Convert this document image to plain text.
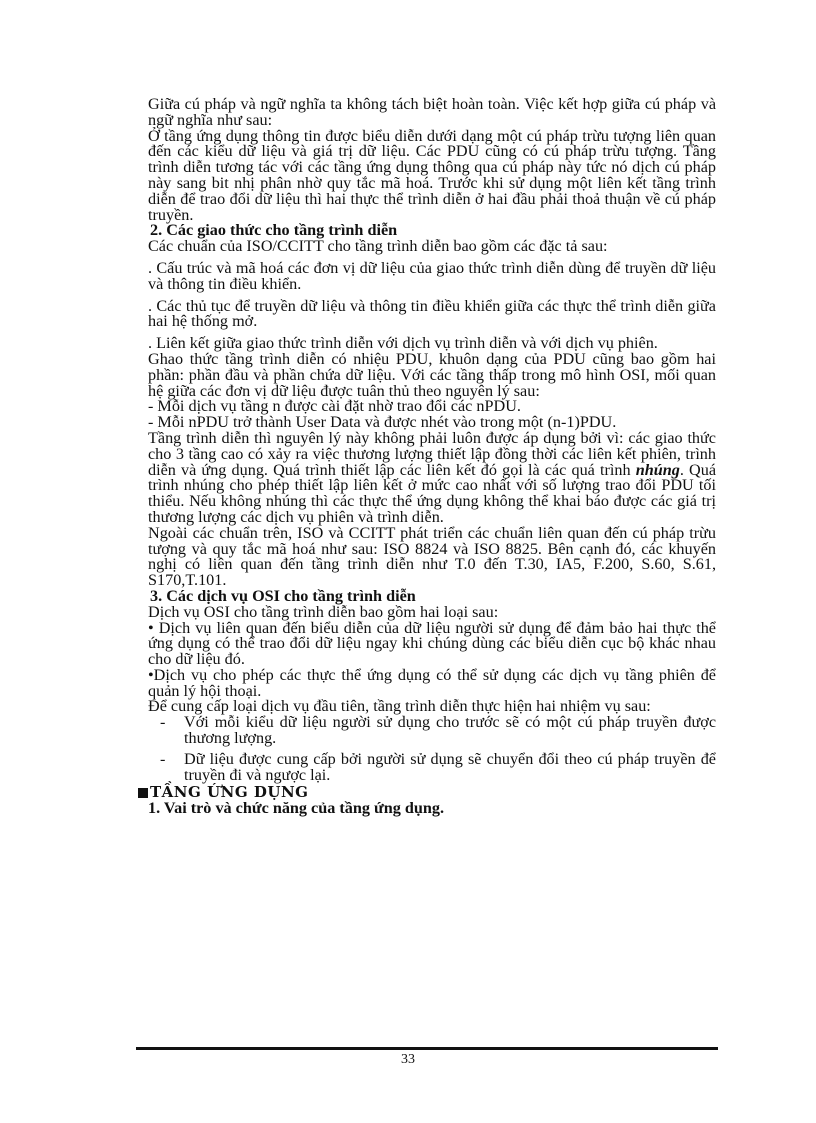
Giữa cú pháp và ngữ nghĩa ta không tách biệt hoàn toàn. Việc kết hợp giữa cú pháp và ngữ nghĩa như sau:

Ở tầng ứng dụng thông tin được biểu diễn dưới dạng một cú pháp trừu tượng liên quan đến các kiểu dữ liệu và giá trị dữ liệu. Các PDU cũng có cú pháp trừu tượng. Tầng trình diễn tương tác với các tầng ứng dụng thông qua cú pháp này tức nó dịch cú pháp này sang bit nhị phân nhờ quy tắc mã hoá. Trước khi sử dụng một liên kết tầng trình diễn để trao đổi dữ liệu thì hai thực thể trình diễn ở hai đầu phải thoả thuận về cú pháp truyền.

2. Các giao thức cho tầng trình diễn

Các chuẩn của ISO/CCITT cho tầng trình diễn bao gồm các đặc tả sau:

. Cấu trúc và mã hoá các đơn vị dữ liệu của giao thức trình diễn dùng để truyền dữ liệu và thông tin điều khiển.

. Các thủ tục để truyền dữ liệu và thông tin điều khiển giữa các thực thể trình diễn giữa hai hệ thống mở.

. Liên kết giữa giao thức trình diễn với dịch vụ trình diễn và với dịch vụ phiên.

Ghao thức tầng trình diễn có nhiệu PDU, khuôn dạng của PDU cũng bao gồm hai phần: phần đầu và phần chứa dữ liệu. Với các tầng thấp trong mô hình OSI, mối quan hệ giữa các đơn vị dữ liệu được tuân thủ theo nguyên lý sau:

- Mỗi dịch vụ tầng n được cài đặt nhờ trao đổi các nPDU.

- Mỗi nPDU trở thành User Data và được nhét vào trong một (n-1)PDU.

Tầng trình diễn thì nguyên lý này không phải luôn được áp dụng bởi vì: các giao thức cho 3 tầng cao có xảy ra việc thương lượng thiết lập đồng thời các liên kết phiên, trình diễn và ứng dụng. Quá trình thiết lập các liên kết đó gọi là các quá trình nhúng. Quá trình nhúng cho phép thiết lập liên kết ở mức cao nhất với số lượng trao đổi PDU tối thiểu. Nếu không nhúng thì các thực thể ứng dụng không thể khai báo được các giá trị thương lượng các dịch vụ phiên và trình diễn.

Ngoài các chuẩn trên, ISO và CCITT phát triển các chuẩn liên quan đến cú pháp trừu tượng và quy tắc mã hoá như sau: ISO 8824 và ISO 8825. Bên cạnh đó, các khuyến nghị có liên quan đến tầng trình diễn như T.0 đến T.30, IA5, F.200, S.60, S.61, S170,T.101.

3. Các dịch vụ OSI cho tầng trình diễn

Dịch vụ OSI cho tầng trình diễn bao gồm hai loại sau:

• Dịch vụ liên quan đến biểu diễn của dữ liệu người sử dụng để đảm bảo hai thực thể ứng dụng có thể trao đổi dữ liệu ngay khi chúng dùng các biểu diễn cục bộ khác nhau cho dữ liệu đó.

•Dịch vụ cho phép các thực thể ứng dụng có thể sử dụng các dịch vụ tầng phiên để quản lý hội thoại.

Để cung cấp loại dịch vụ đầu tiên, tầng trình diễn thực hiện hai nhiệm vụ sau:

-	Với mỗi kiểu dữ liệu người sử dụng cho trước sẽ có một cú pháp truyền được thương lượng.
-	Dữ liệu được cung cấp bởi người sử dụng sẽ chuyển đổi theo cú pháp truyền để truyền đi và ngược lại.
TẦNG ỨNG DỤNG

1. Vai trò và chức năng của tầng ứng dụng.

33
